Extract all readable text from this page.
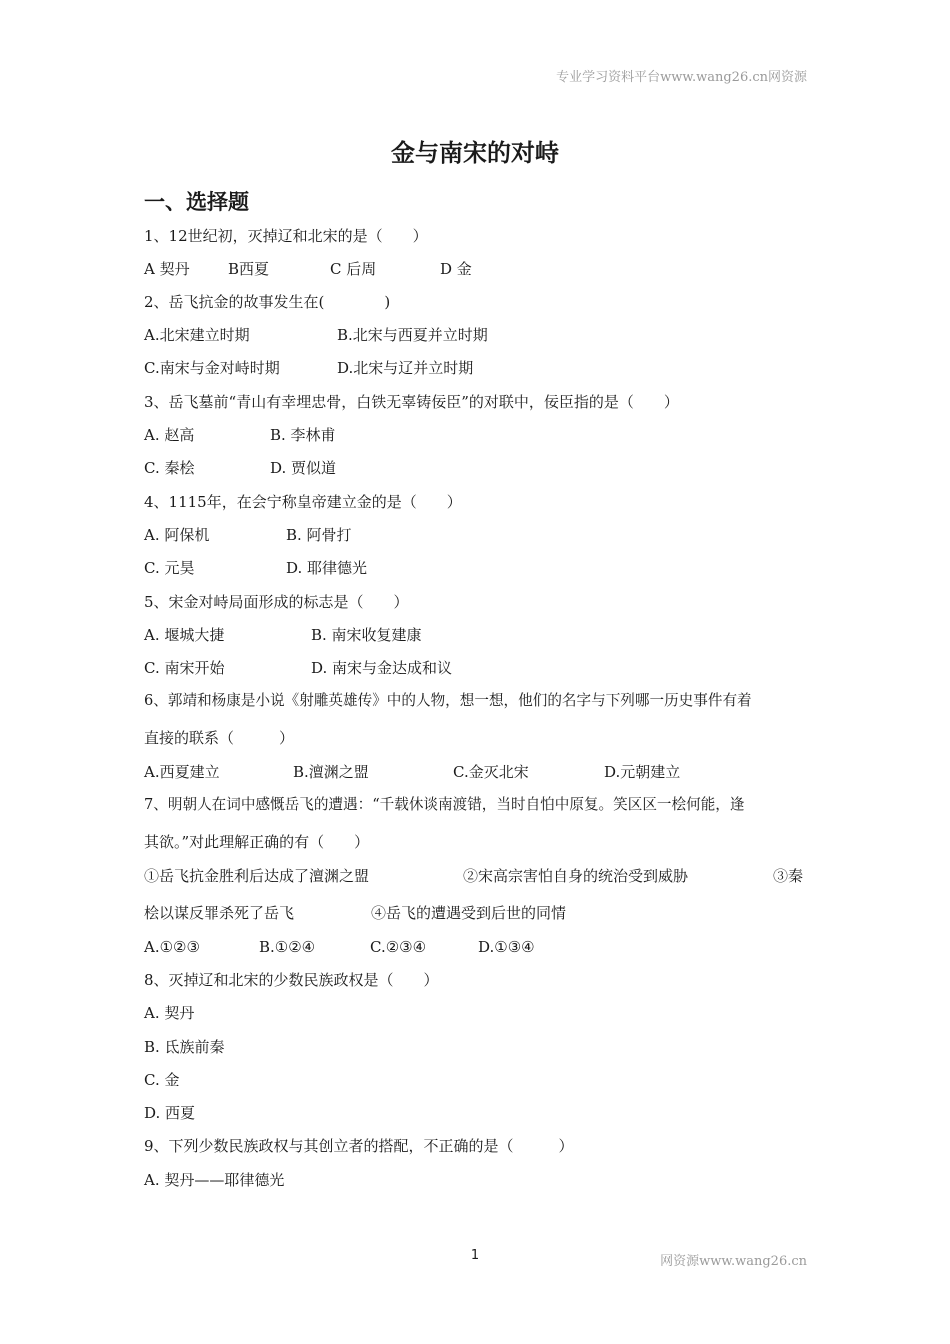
专业学习资料平台www.wang26.cn网资源
金与南宋的对峙
一、选择题
1、12世纪初，灭掉辽和北宋的是（　　）
A 契丹	B西夏	C 后周	D 金
2、岳飞抗金的故事发生在(　　　　)
A.北宋建立时期	B.北宋与西夏并立时期
C.南宋与金对峙时期	D.北宋与辽并立时期
3、岳飞墓前“青山有幸埋忠骨，白铁无辜铸佞臣”的对联中，佞臣指的是（　　）
A. 赵高	B. 李林甫
C. 秦桧	D. 贾似道
4、1115年，在会宁称皇帝建立金的是（　　）
A. 阿保机	B. 阿骨打
C. 元昊	D. 耶律德光
5、宋金对峙局面形成的标志是（　　）
A. 堰城大捷	B. 南宋收复建康
C. 南宋开始	D. 南宋与金达成和议
6、郭靖和杨康是小说《射雕英雄传》中的人物，想一想，他们的名字与下列哪一历史事件有着
直接的联系（　　　）
A.西夏建立	B.澶渊之盟	C.金灭北宋	D.元朝建立
7、明朝人在词中感慨岳飞的遭遇：“千载休谈南渡错，当时自怕中原复。笑区区一桧何能，逢
其欲。”对此理解正确的有（　　）
①岳飞抗金胜利后达成了澶渊之盟	②宋高宗害怕自身的统治受到威胁	③秦
桧以谋反罪杀死了岳飞	④岳飞的遭遇受到后世的同情
A.①②③	B.①②④	C.②③④	D.①③④
8、灭掉辽和北宋的少数民族政权是（　　）
A. 契丹
B. 氐族前秦
C. 金
D. 西夏
9、下列少数民族政权与其创立者的搭配，不正确的是（　　　）
A. 契丹——耶律德光
1	网资源www.wang26.cn
